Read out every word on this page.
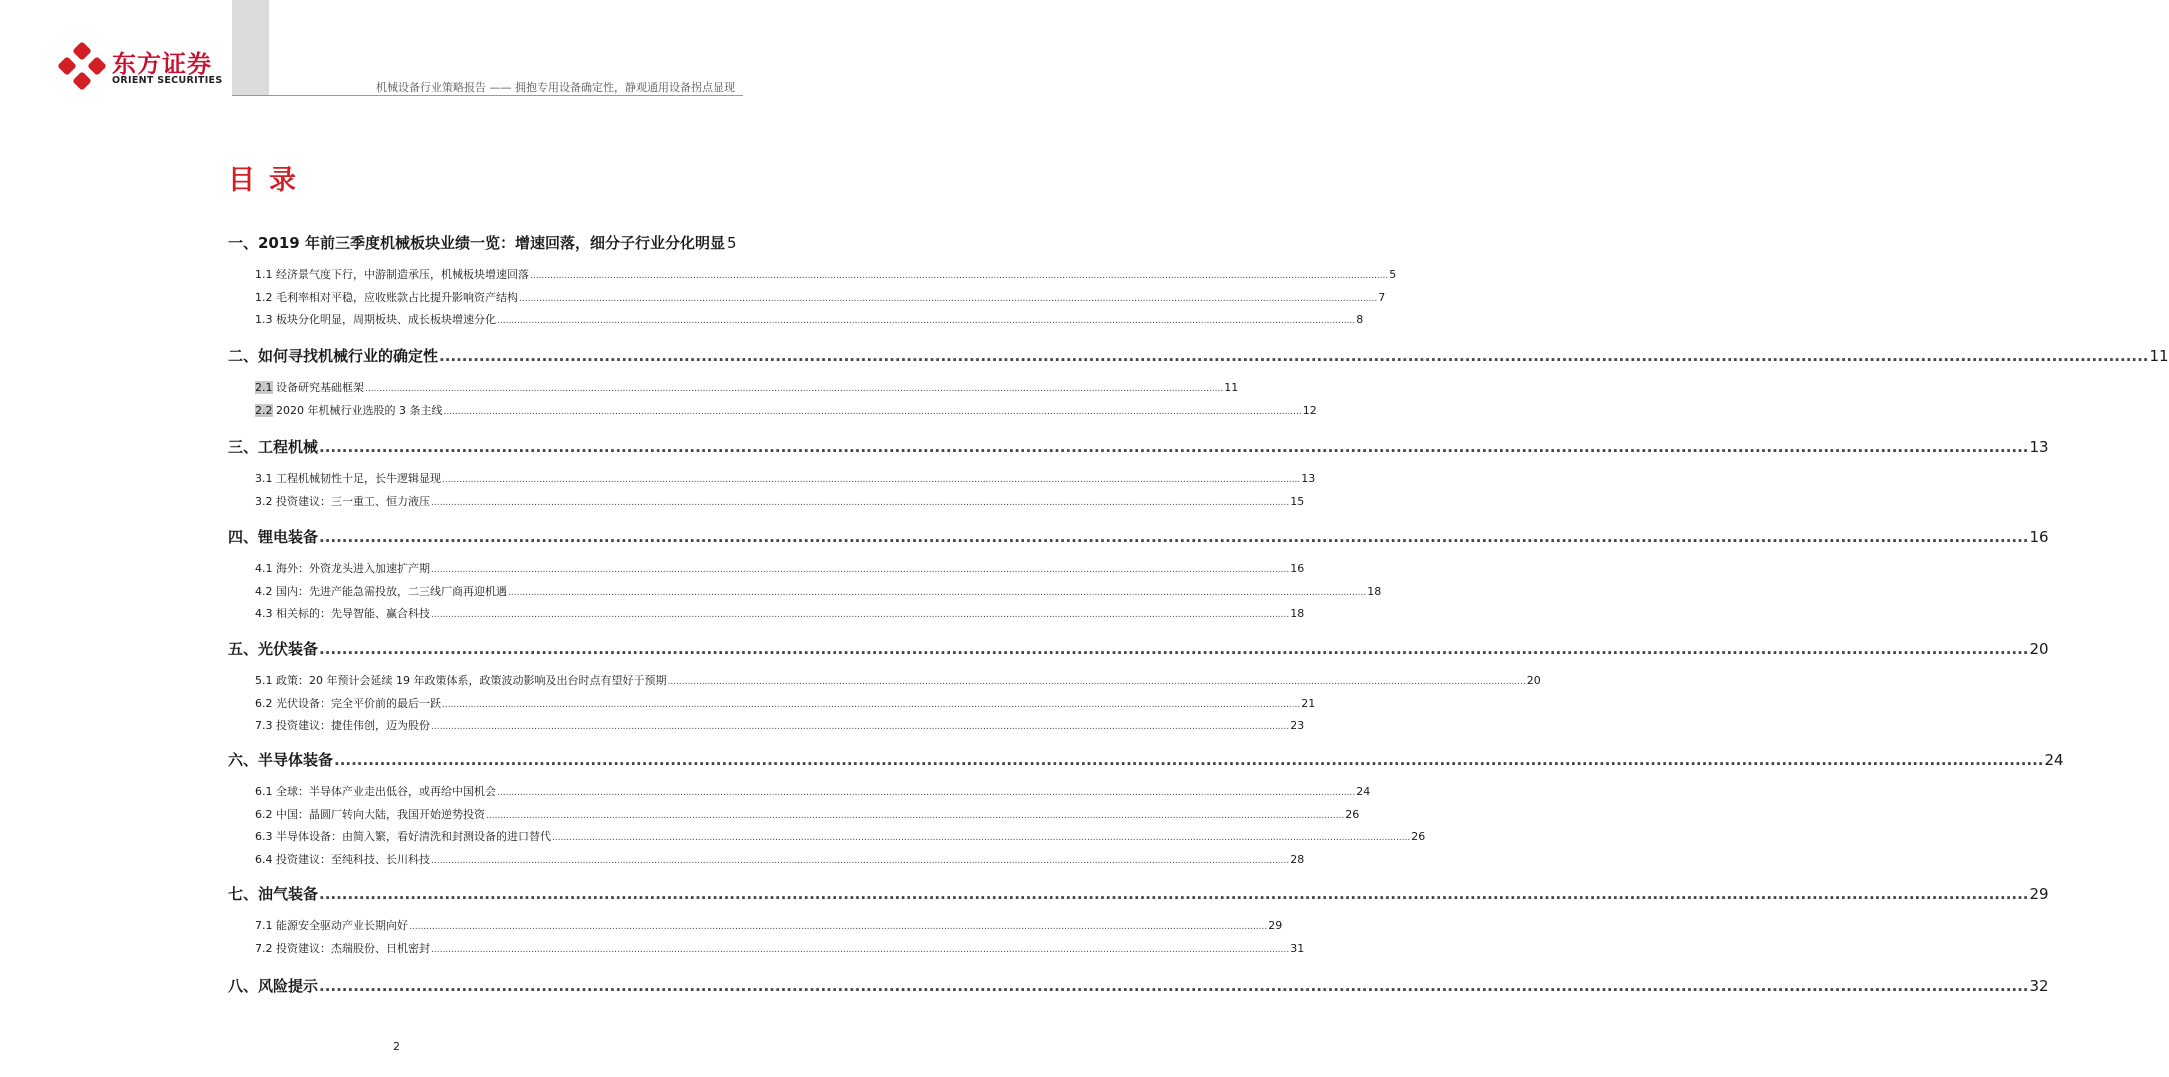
东方证券
ORIENT SECURITIES
机械设备行业策略报告 —— 拥抱专用设备确定性，静观通用设备拐点显现
目录
一、2019 年前三季度机械板块业绩一览：增速回落，细分子行业分化明显 5
1.1 经济景气度下行，中游制造承压，机械板块增速回落 ............................................................................................................................................................................................................................................................................................................ 5
1.2 毛利率相对平稳，应收账款占比提升影响资产结构 ............................................................................................................................................................................................................................................................................................................ 7
1.3 板块分化明显，周期板块、成长板块增速分化 ............................................................................................................................................................................................................................................................................................................ 8
二、如何寻找机械行业的确定性 ............................................................................................................................................................................................................................................................................................................ 11
2.1 设备研究基础框架 ............................................................................................................................................................................................................................................................................................................ 11
2.2 2020 年机械行业选股的 3 条主线 ............................................................................................................................................................................................................................................................................................................ 12
三、工程机械 ............................................................................................................................................................................................................................................................................................................ 13
3.1 工程机械韧性十足，长牛逻辑显现 ............................................................................................................................................................................................................................................................................................................ 13
3.2 投资建议：三一重工、恒力液压 ............................................................................................................................................................................................................................................................................................................ 15
四、锂电装备 ............................................................................................................................................................................................................................................................................................................ 16
4.1 海外：外资龙头进入加速扩产期 ............................................................................................................................................................................................................................................................................................................ 16
4.2 国内：先进产能急需投放，二三线厂商再迎机遇 ............................................................................................................................................................................................................................................................................................................ 18
4.3 相关标的：先导智能、赢合科技 ............................................................................................................................................................................................................................................................................................................ 18
五、光伏装备 ............................................................................................................................................................................................................................................................................................................ 20
5.1 政策：20 年预计会延续 19 年政策体系，政策波动影响及出台时点有望好于预期 ............................................................................................................................................................................................................................................................................................................ 20
6.2 光伏设备：完全平价前的最后一跃 ............................................................................................................................................................................................................................................................................................................ 21
7.3 投资建议：捷佳伟创，迈为股份 ............................................................................................................................................................................................................................................................................................................ 23
六、半导体装备 ............................................................................................................................................................................................................................................................................................................ 24
6.1 全球：半导体产业走出低谷，或再给中国机会 ............................................................................................................................................................................................................................................................................................................ 24
6.2 中国：晶圆厂转向大陆，我国开始逆势投资 ............................................................................................................................................................................................................................................................................................................ 26
6.3 半导体设备：由简入繁，看好清洗和封测设备的进口替代 ............................................................................................................................................................................................................................................................................................................ 26
6.4 投资建议：至纯科技、长川科技 ............................................................................................................................................................................................................................................................................................................ 28
七、油气装备 ............................................................................................................................................................................................................................................................................................................ 29
7.1 能源安全驱动产业长期向好 ............................................................................................................................................................................................................................................................................................................ 29
7.2 投资建议：杰瑞股份、日机密封 ............................................................................................................................................................................................................................................................................................................ 31
八、风险提示 ............................................................................................................................................................................................................................................................................................................ 32
2
